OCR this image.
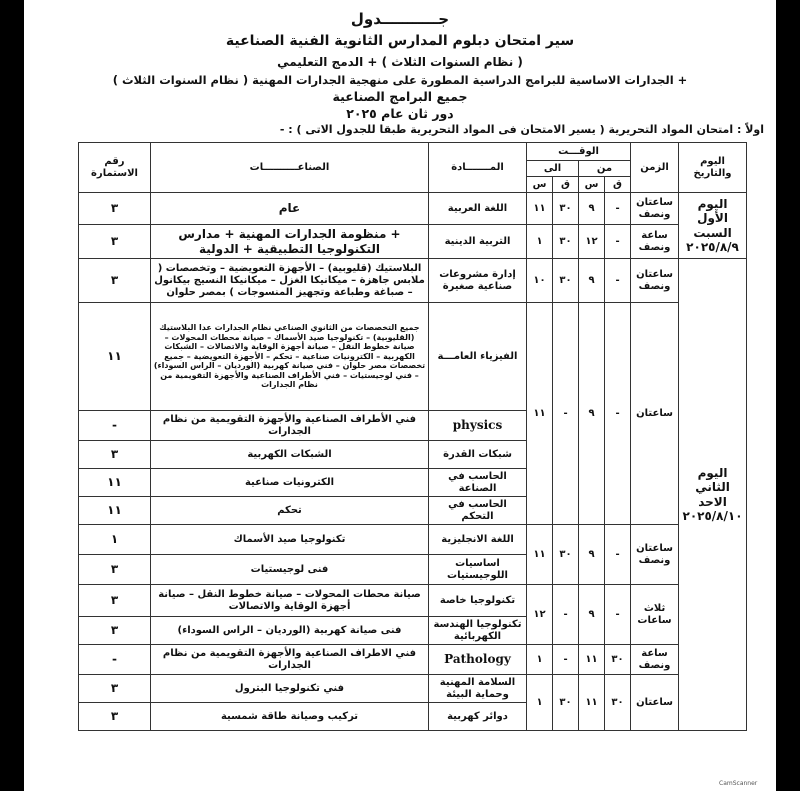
جـــــــــــدول
سير امتحان دبلوم المدارس الثانوية الفنية الصناعية
( نظام السنوات الثلاث ) + الدمج التعليمي
+ الجدارات الاساسية للبرامج الدراسية المطورة على منهجية الجدارات المهنية ( نظام السنوات الثلاث )
جميع البرامج الصناعية
دور ثان عام ٢٠٢٥
اولاً : امتحان المواد التحريرية ( يسير الامتحان فى المواد التحريرية طبقا للجدول الاتى ) : -
اليوم والتاريخ	الزمن	الوقـــت				المـــــــادة	الصناعــــــــــات	رقم الاستمارة
		من		الى				
		ق	س	ق	س			
اليوم الأول السبت ٢٠٢٥/٨/٩	ساعتان ونصف	-	٩	٣٠	١١	اللغة العربية	عام	٣
	ساعة ونصف	-	١٢	٣٠	١	التربية الدينية	+ منظومة الجدارات المهنية + مدارس التكنولوجيا التطبيقية + الدولية	٣
اليوم الثاني الاحد ٢٠٢٥/٨/١٠	ساعتان ونصف	-	٩	٣٠	١٠	إدارة مشروعات صناعية صغيرة	البلاستيك (قليوبية) – الأجهزة التعويضية – وتخصصات ( ملابس جاهزة – ميكانيكا الغزل – ميكانيكا النسيج بيكانول – صباغة وطباعة وتجهيز المنسوجات ) بمصر حلوان	٣
	ساعتان	-	٩	-	١١	الفيزياء العامـــة	جميع التخصصات من الثانوي الصناعي نظام الجدارات عدا البلاستيك (القليوبية) – تكنولوجيا صيد الأسماك – صيانة محطات المحولات – صيانة خطوط النقل – صيانة أجهزة الوقاية والاتصالات – الشبكات الكهربية – الكترونيات صناعية – تحكم – الأجهزة التعويضية – جميع تخصصات مصر حلوان – فني صيانة كهربية (الورديان – الراس السوداء) – فني لوجيستيات – فني الأطراف الصناعية والأجهزة التقويمية من نظام الجدارات	١١
						physics	فني الأطراف الصناعية والأجهزة التقويمية من نظام الجدارات	-
						شبكات القدرة	الشبكات الكهربية	٣
						الحاسب في الصناعة	الكترونيات صناعية	١١
						الحاسب في التحكم	تحكم	١١
	ساعتان ونصف	-	٩	٣٠	١١	اللغة الانجليزية	تكنولوجيا صيد الأسماك	١
						اساسيات اللوجيستيات	فنى لوجيستيات	٣
	ثلاث ساعات	-	٩	-	١٢	تكنولوجيا خاصة	صيانة محطات المحولات – صيانة خطوط النقل – صيانة أجهزة الوقاية والاتصالات	٣
						تكنولوجيا الهندسة الكهربائية	فنى صيانة كهربية (الورديان – الراس السوداء)	٣
	ساعة ونصف	٣٠	١١	-	١	Pathology	فني الاطراف الصناعية والأجهزة التقويمية من نظام الجدارات	-
	ساعتان	٣٠	١١	٣٠	١	السلامة المهنية وحماية البيئة	فني تكنولوجيا البترول	٣
						دوائر كهربية	تركيب وصيانة طاقة شمسية	٣
CamScanner
